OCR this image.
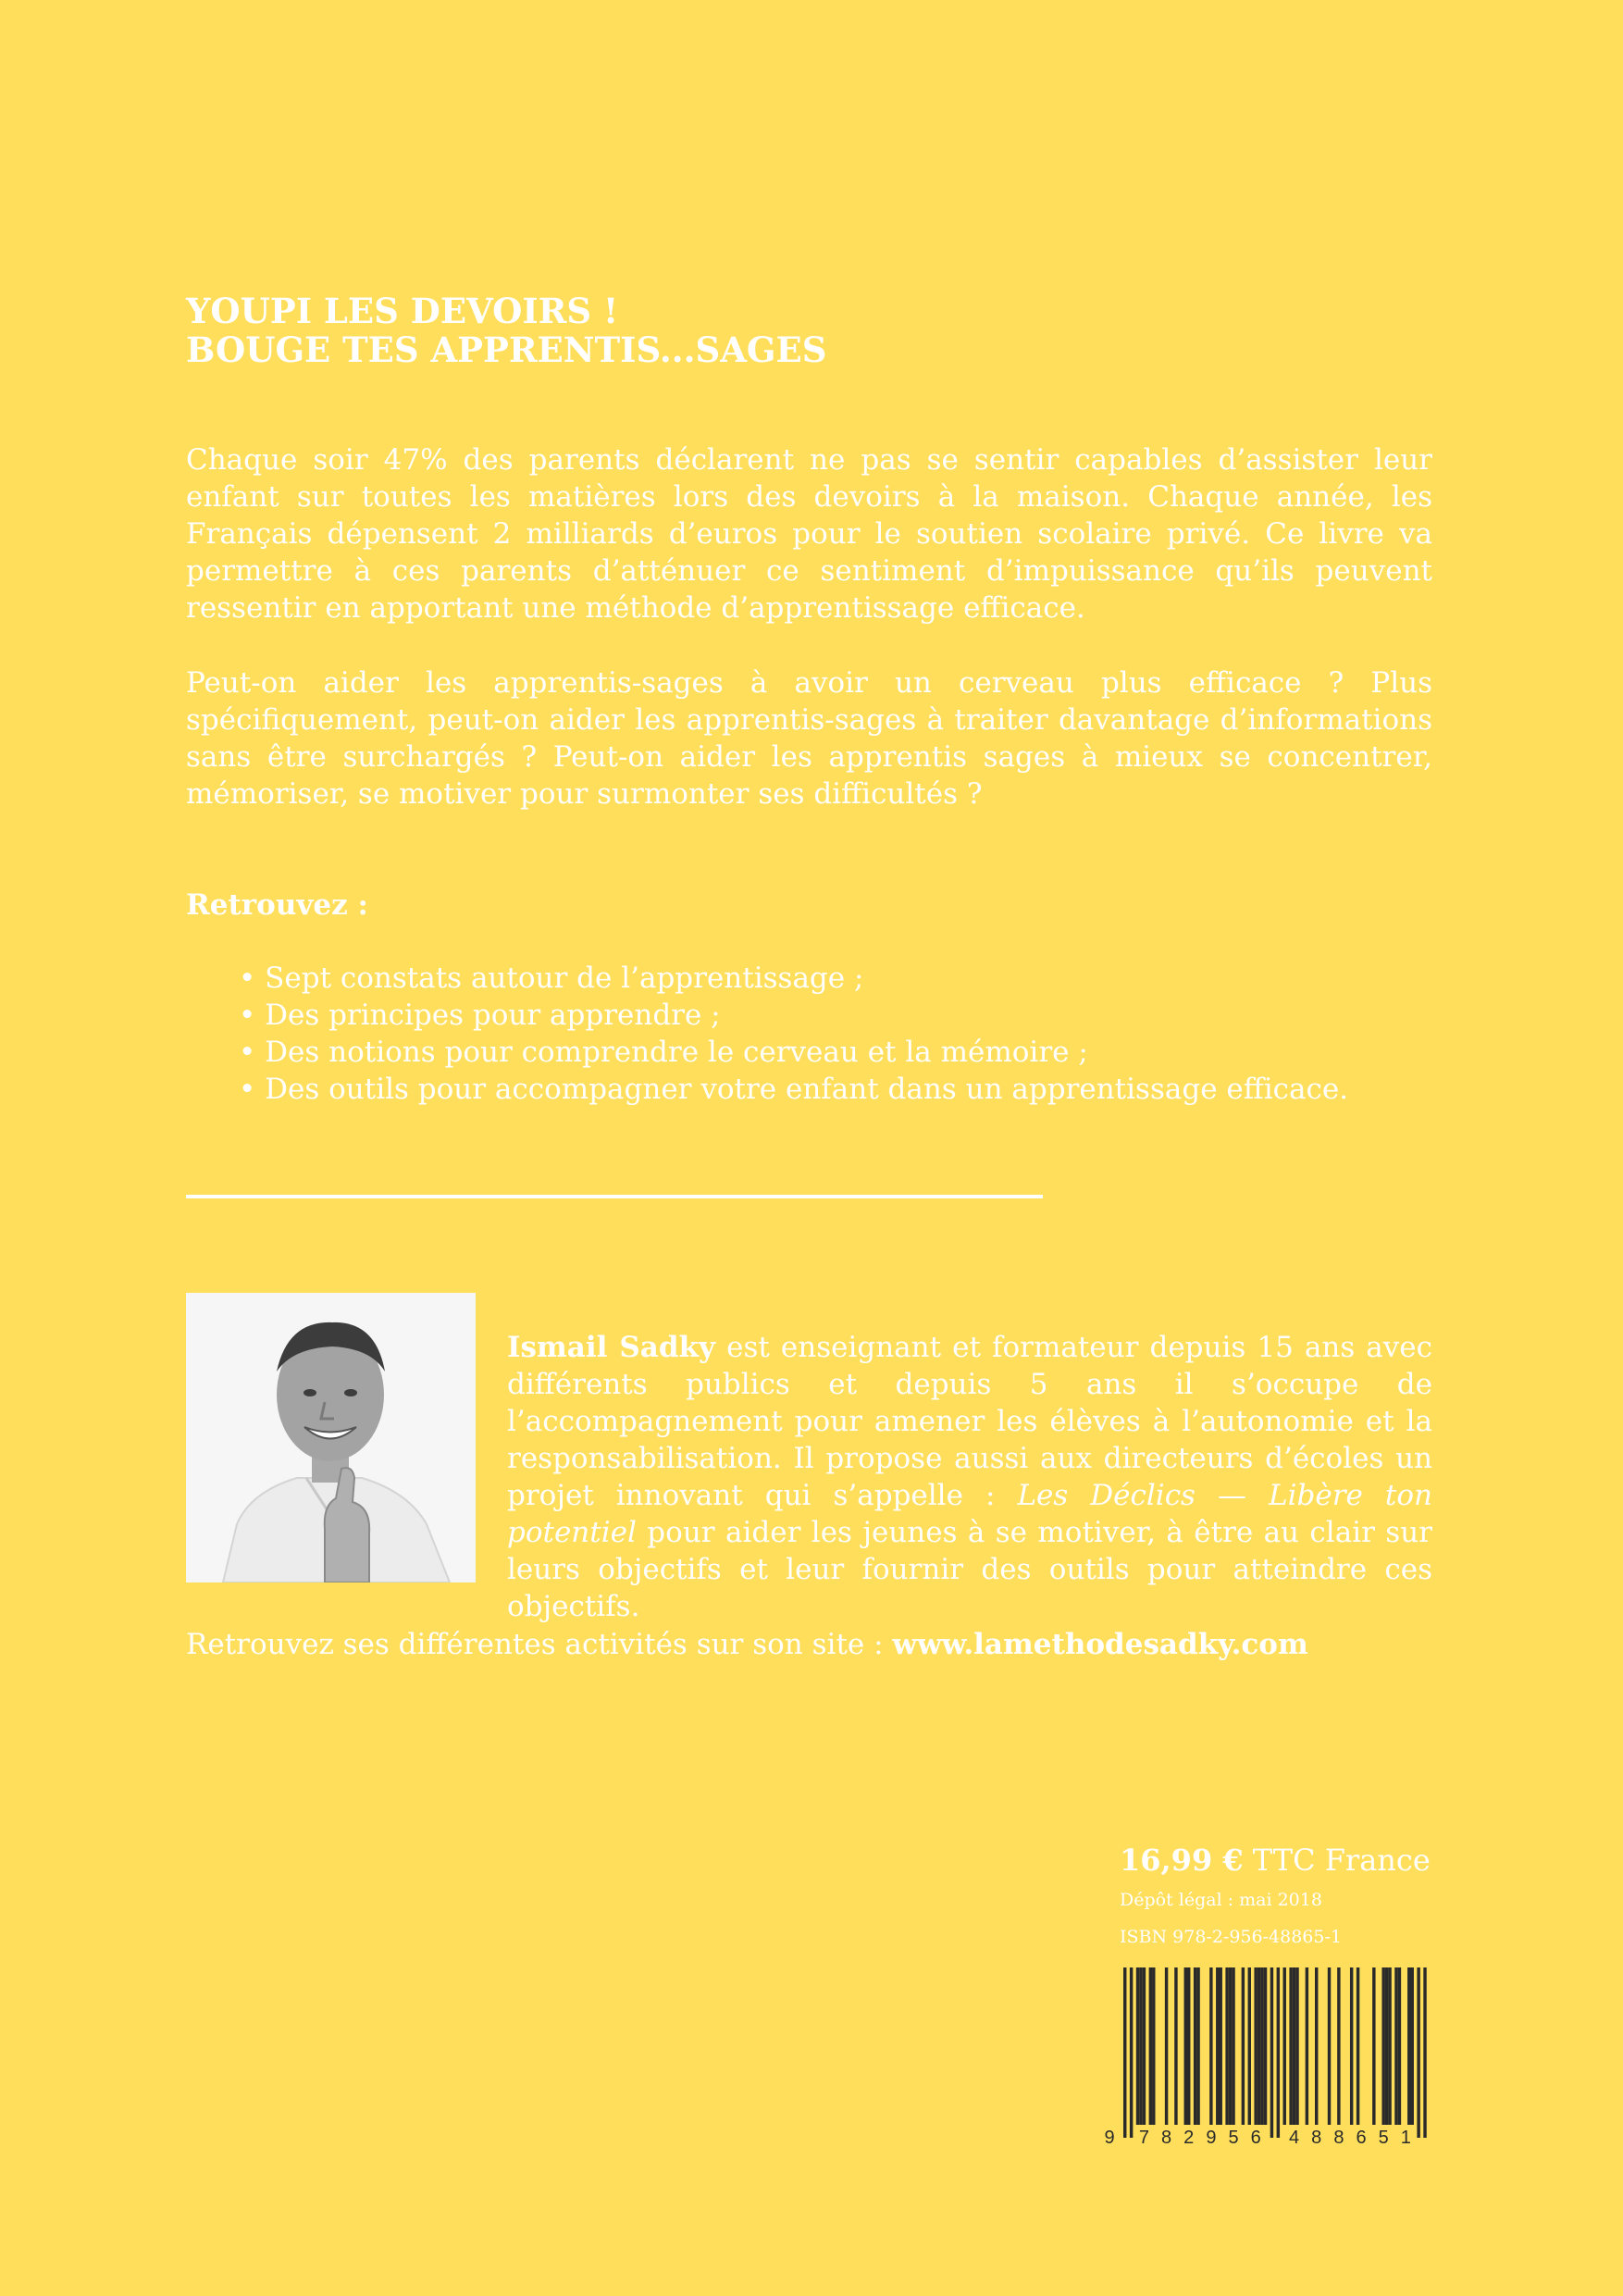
YOUPI LES DEVOIRS !
BOUGE TES APPRENTIS...SAGES

Chaque soir 47% des parents déclarent ne pas se sentir capables d’assister leur enfant sur toutes les matières lors des devoirs à la maison. Chaque année, les Français dépensent 2 milliards d’euros pour le soutien scolaire privé. Ce livre va permettre à ces parents d’atténuer ce sentiment d’impuissance qu’ils peuvent ressentir en apportant une méthode d’apprentissage efficace.

Peut-on aider les apprentis-sages à avoir un cerveau plus efficace ? Plus spécifiquement, peut-on aider les apprentis-sages à traiter davantage d’informations sans être surchargés ? Peut-on aider les apprentis sages à mieux se concentrer, mémoriser, se motiver pour surmonter ses difficultés ?

Retrouvez :
• Sept constats autour de l’apprentissage ;
• Des principes pour apprendre ;
• Des notions pour comprendre le cerveau et la mémoire ;
• Des outils pour accompagner votre enfant dans un apprentissage efficace.

Ismail Sadky est enseignant et formateur depuis 15 ans avec différents publics et depuis 5 ans il s’occupe de l’accompagnement pour amener les élèves à l’autonomie et la responsabilisation. Il propose aussi aux directeurs d’écoles un projet innovant qui s’appelle : Les Déclics — Libère ton potentiel pour aider les jeunes à se motiver, à être au clair sur leurs objectifs et leur fournir des outils pour atteindre ces objectifs.

Retrouvez ses différentes activités sur son site : www.lamethodesadky.com
16,99 € TTC France
Dépôt légal : mai 2018
ISBN 978-2-956-48865-1
9 7 8 2 9 5 6 4 8 8 6 5 1
